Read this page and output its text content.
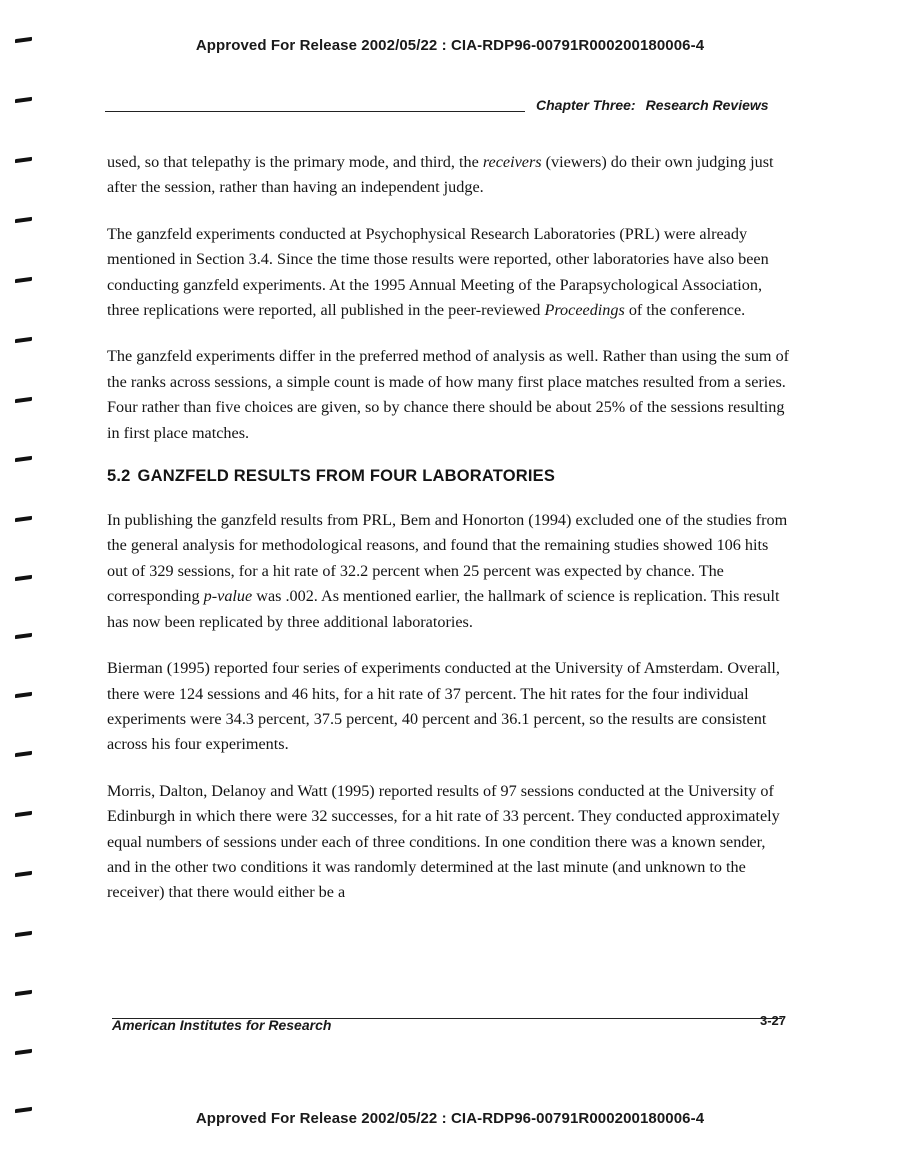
Approved For Release 2002/05/22 : CIA-RDP96-00791R000200180006-4
Chapter Three: Research Reviews

used, so that telepathy is the primary mode, and third, the receivers (viewers) do their own judging just after the session, rather than having an independent judge.

The ganzfeld experiments conducted at Psychophysical Research Laboratories (PRL) were already mentioned in Section 3.4. Since the time those results were reported, other laboratories have also been conducting ganzfeld experiments. At the 1995 Annual Meeting of the Parapsychological Association, three replications were reported, all published in the peer-reviewed Proceedings of the conference.

The ganzfeld experiments differ in the preferred method of analysis as well. Rather than using the sum of the ranks across sessions, a simple count is made of how many first place matches resulted from a series. Four rather than five choices are given, so by chance there should be about 25% of the sessions resulting in first place matches.

5.2 GANZFELD RESULTS FROM FOUR LABORATORIES

In publishing the ganzfeld results from PRL, Bem and Honorton (1994) excluded one of the studies from the general analysis for methodological reasons, and found that the remaining studies showed 106 hits out of 329 sessions, for a hit rate of 32.2 percent when 25 percent was expected by chance. The corresponding p-value was .002. As mentioned earlier, the hallmark of science is replication. This result has now been replicated by three additional laboratories.

Bierman (1995) reported four series of experiments conducted at the University of Amsterdam. Overall, there were 124 sessions and 46 hits, for a hit rate of 37 percent. The hit rates for the four individual experiments were 34.3 percent, 37.5 percent, 40 percent and 36.1 percent, so the results are consistent across his four experiments.

Morris, Dalton, Delanoy and Watt (1995) reported results of 97 sessions conducted at the University of Edinburgh in which there were 32 successes, for a hit rate of 33 percent. They conducted approximately equal numbers of sessions under each of three conditions. In one condition there was a known sender, and in the other two conditions it was randomly determined at the last minute (and unknown to the receiver) that there would either be a

American Institutes for Research	3-27
Approved For Release 2002/05/22 : CIA-RDP96-00791R000200180006-4
